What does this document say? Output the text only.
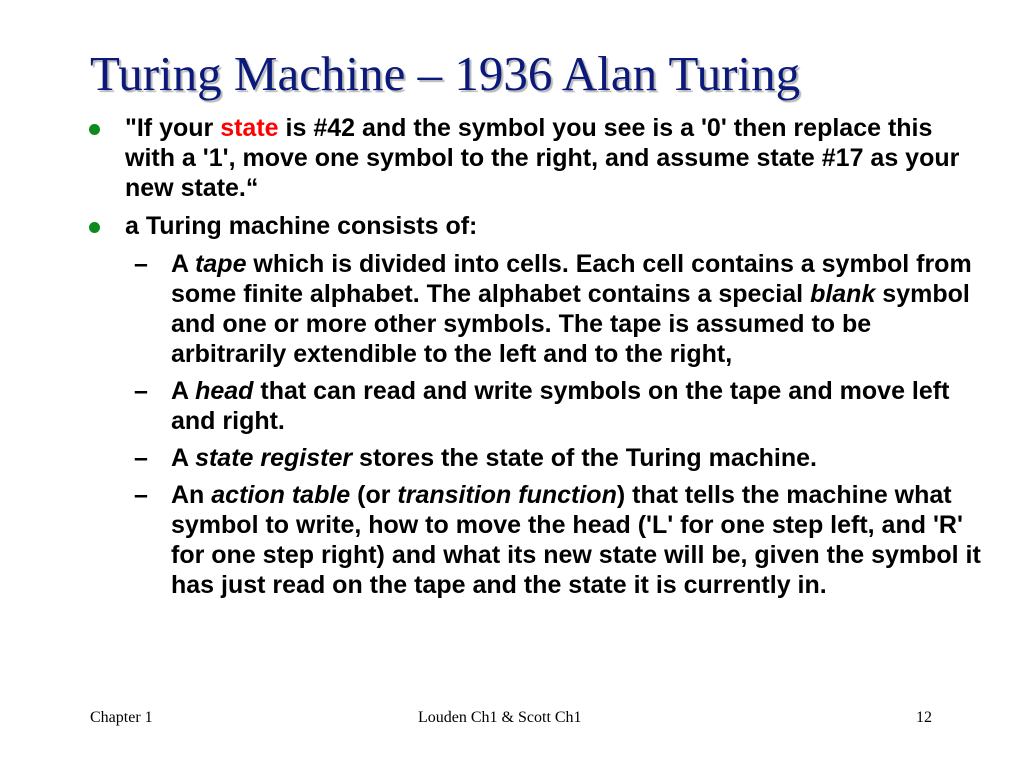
Turing Machine – 1936 Alan Turing
"If your state is #42 and the symbol you see is a '0' then replace this with a '1', move one symbol to the right, and assume state #17 as your new state.“
a Turing machine consists of:
– A tape which is divided into cells. Each cell contains a symbol from some finite alphabet. The alphabet contains a special blank symbol and one or more other symbols. The tape is assumed to be arbitrarily extendible to the left and to the right,
– A head that can read and write symbols on the tape and move left and right.
– A state register stores the state of the Turing machine.
– An action table (or transition function) that tells the machine what symbol to write, how to move the head ('L' for one step left, and 'R' for one step right) and what its new state will be, given the symbol it has just read on the tape and the state it is currently in.
Chapter 1	Louden Ch1 & Scott Ch1	12
